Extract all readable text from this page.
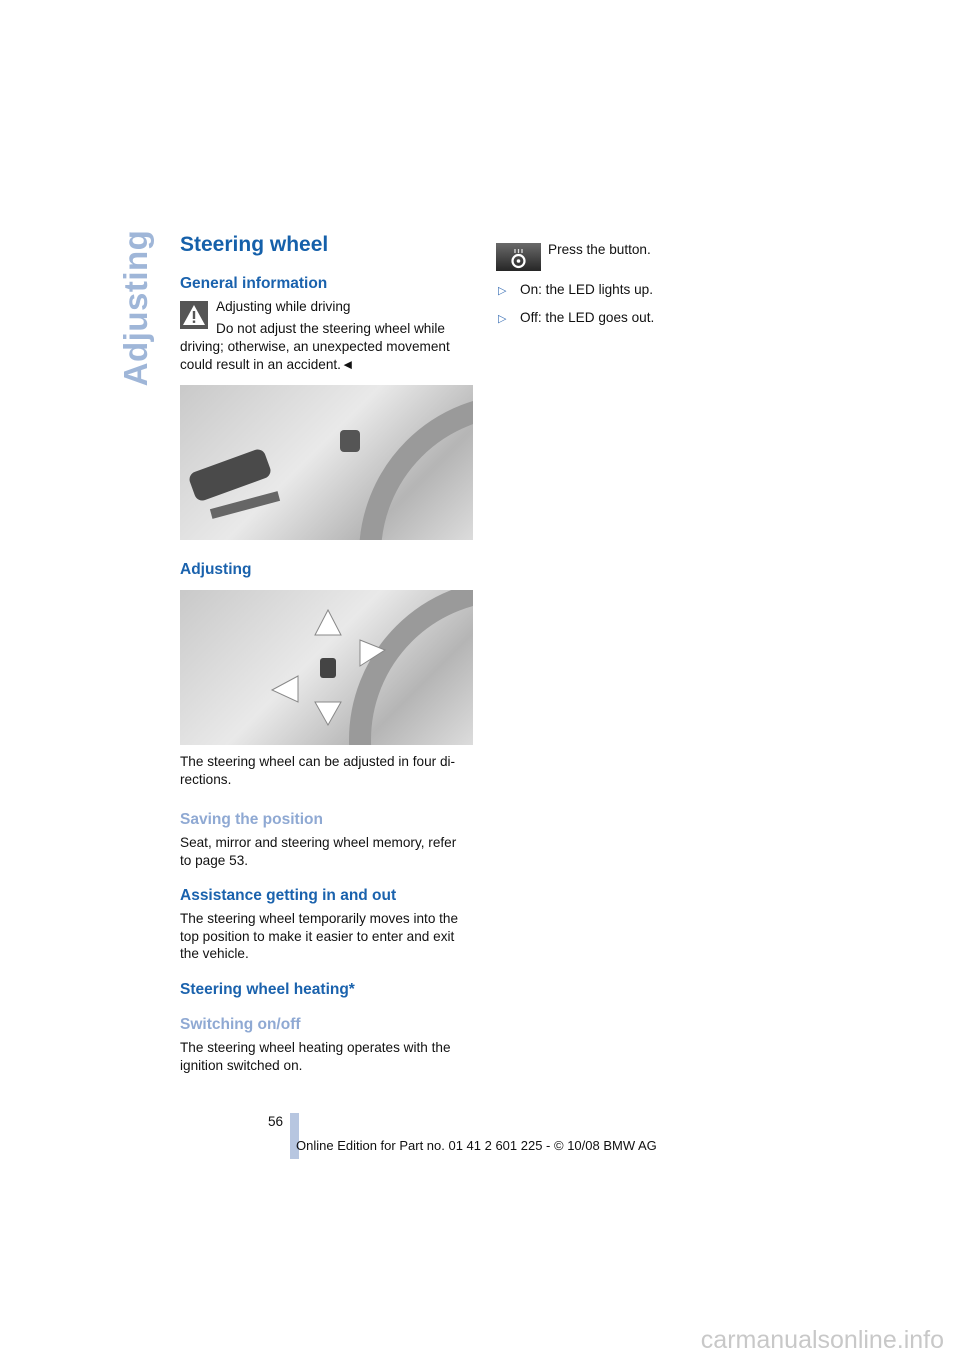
Adjusting Steering wheel
General information
Adjusting while driving
Do not adjust the steering wheel while
driving; otherwise, an unexpected movement
could result in an accident.◄
Adjusting
The steering wheel can be adjusted in four di-
rections.
Saving the position
Seat, mirror and steering wheel memory, refer
to page 53.
Assistance getting in and out
The steering wheel temporarily moves into the
top position to make it easier to enter and exit
the vehicle.
Steering wheel heating*
Switching on/off
The steering wheel heating operates with the
ignition switched on.
Press the button.
▷ On: the LED lights up.
▷ Off: the LED goes out.
56
Online Edition for Part no. 01 41 2 601 225 - © 10/08 BMW AG
carmanualsonline.info
